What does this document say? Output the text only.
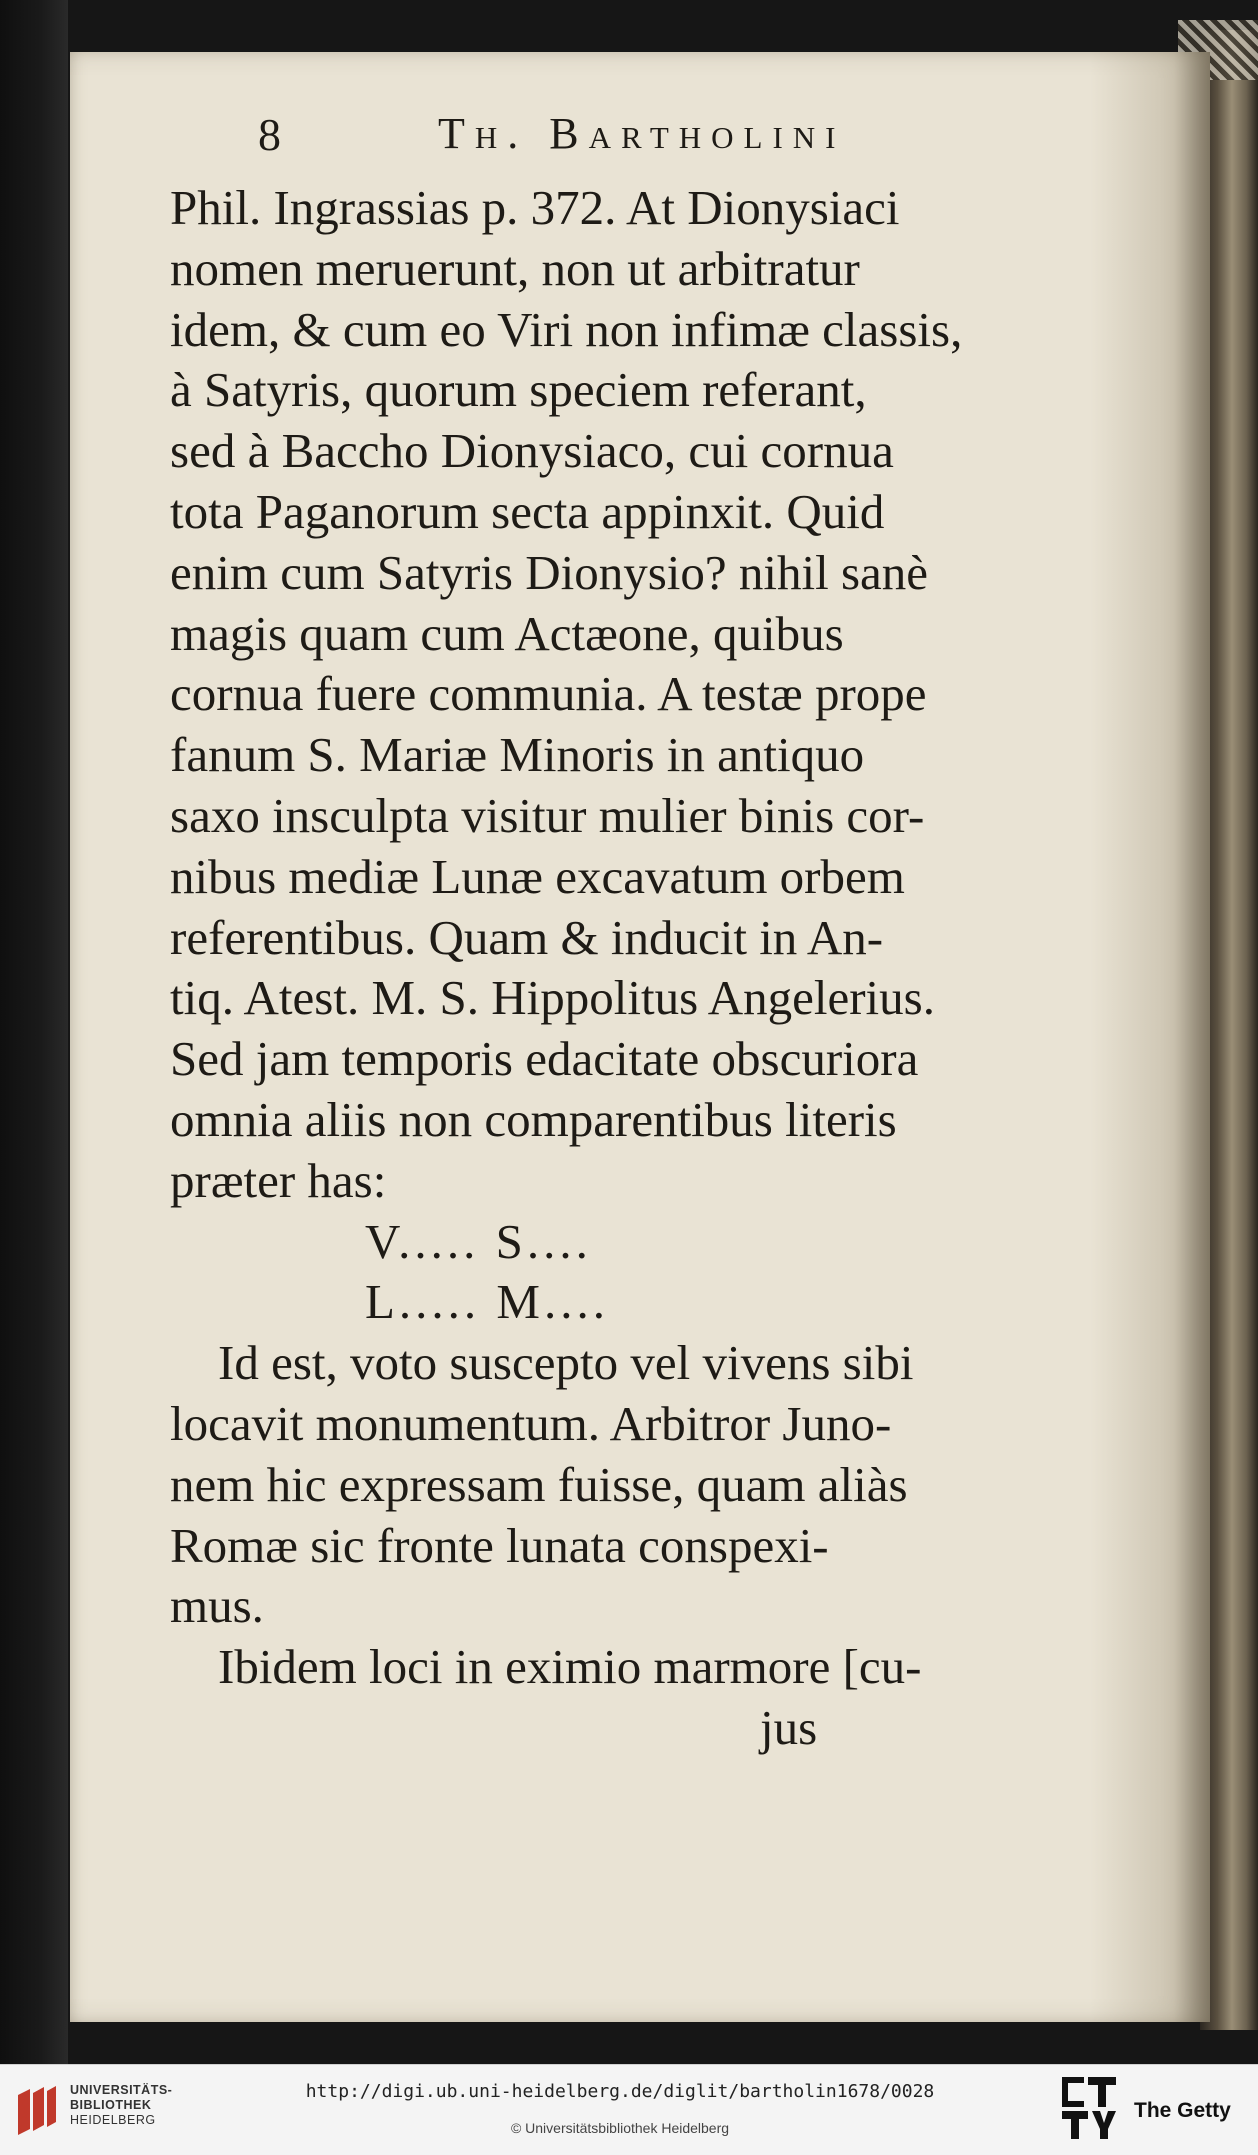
8	Th. Bartholini
Phil. Ingrassias p. 372. At Dionysiaci
nomen meruerunt, non ut arbitratur
idem, & cum eo Viri non infimæ classis,
à Satyris, quorum speciem referant,
sed à Baccho Dionysiaco, cui cornua
tota Paganorum secta appinxit. Quid
enim cum Satyris Dionysio? nihil sanè
magis quam cum Actæone, quibus
cornua fuere communia. A testæ prope
fanum S. Mariæ Minoris in antiquo
saxo insculpta visitur mulier binis cor-
nibus mediæ Lunæ excavatum orbem
referentibus. Quam & inducit in An-
tiq. Atest. M. S. Hippolitus Angelerius.
Sed jam temporis edacitate obscuriora
omnia aliis non comparentibus literis
præter has:
V..... S....
L..... M....
Id est, voto suscepto vel vivens sibi
locavit monumentum. Arbitror Juno-
nem hic expressam fuisse, quam aliàs
Romæ sic fronte lunata conspexi-
mus.
Ibidem loci in eximio marmore [cu-
jus
UNIVERSITÄTS-
BIBLIOTHEK
HEIDELBERG
http://digi.ub.uni-heidelberg.de/diglit/bartholin1678/0028
© Universitätsbibliothek Heidelberg
The Getty
